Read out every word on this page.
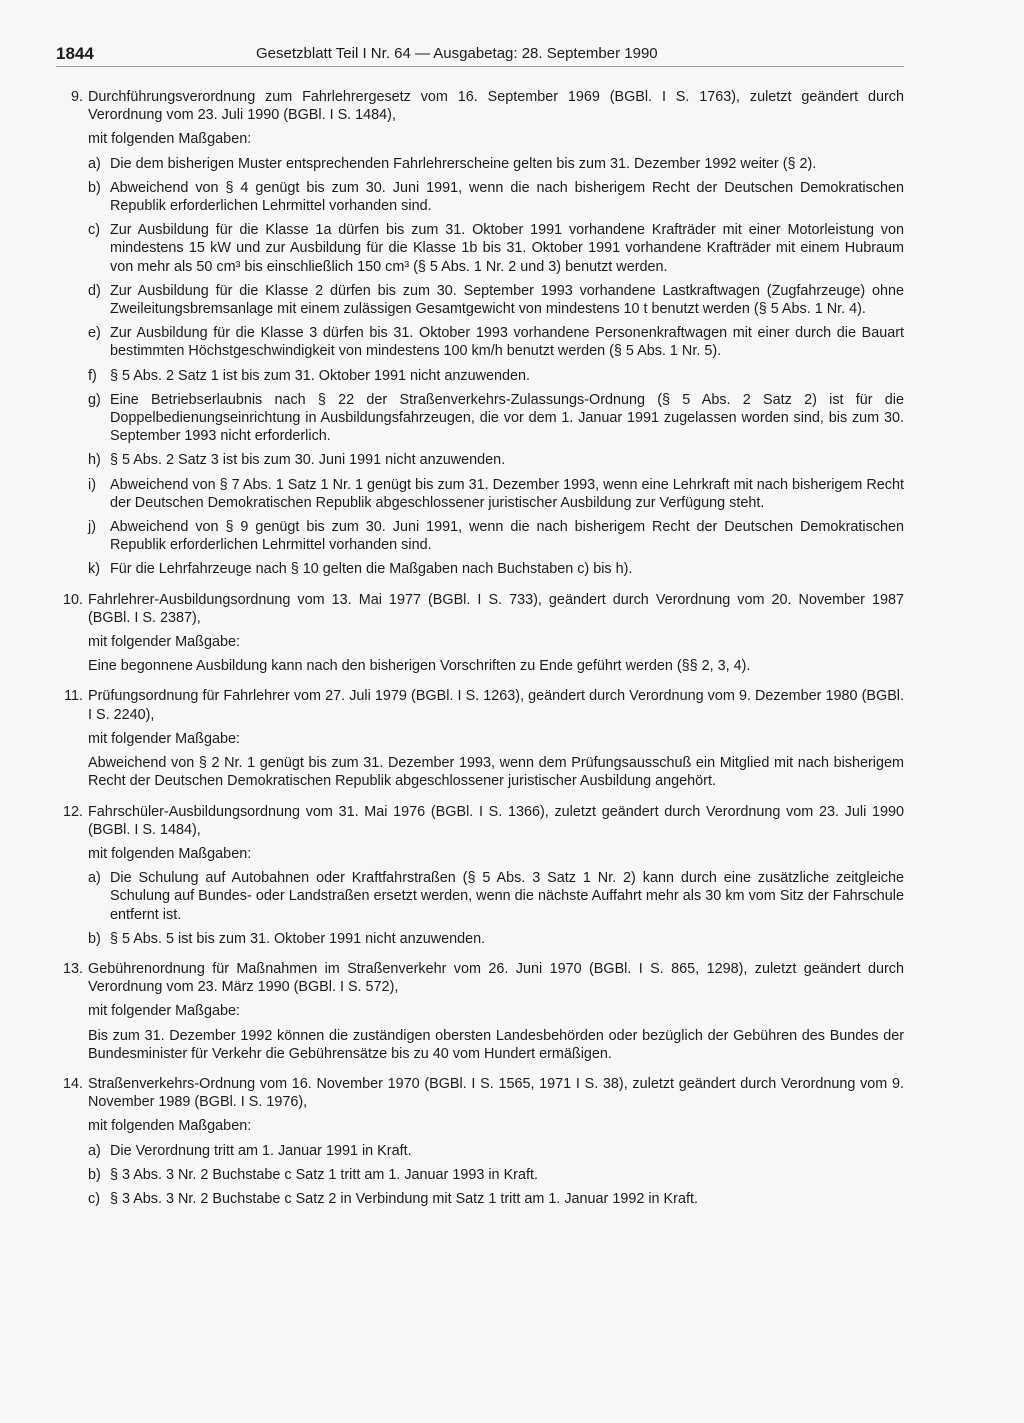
1844	Gesetzblatt Teil I Nr. 64 — Ausgabetag: 28. September 1990
9. Durchführungsverordnung zum Fahrlehrergesetz vom 16. September 1969 (BGBl. I S. 1763), zuletzt geändert durch Verordnung vom 23. Juli 1990 (BGBl. I S. 1484),
mit folgenden Maßgaben:
a) Die dem bisherigen Muster entsprechenden Fahrlehrerscheine gelten bis zum 31. Dezember 1992 weiter (§ 2).
b) Abweichend von § 4 genügt bis zum 30. Juni 1991, wenn die nach bisherigem Recht der Deutschen Demokratischen Republik erforderlichen Lehrmittel vorhanden sind.
c) Zur Ausbildung für die Klasse 1a dürfen bis zum 31. Oktober 1991 vorhandene Krafträder mit einer Motorleistung von mindestens 15 kW und zur Ausbildung für die Klasse 1b bis 31. Oktober 1991 vorhandene Krafträder mit einem Hubraum von mehr als 50 cm³ bis einschließlich 150 cm³ (§ 5 Abs. 1 Nr. 2 und 3) benutzt werden.
d) Zur Ausbildung für die Klasse 2 dürfen bis zum 30. September 1993 vorhandene Lastkraftwagen (Zugfahrzeuge) ohne Zweileitungsbremsanlage mit einem zulässigen Gesamtgewicht von mindestens 10 t benutzt werden (§ 5 Abs. 1 Nr. 4).
e) Zur Ausbildung für die Klasse 3 dürfen bis 31. Oktober 1993 vorhandene Personenkraftwagen mit einer durch die Bauart bestimmten Höchstgeschwindigkeit von mindestens 100 km/h benutzt werden (§ 5 Abs. 1 Nr. 5).
f) § 5 Abs. 2 Satz 1 ist bis zum 31. Oktober 1991 nicht anzuwenden.
g) Eine Betriebserlaubnis nach § 22 der Straßenverkehrs-Zulassungs-Ordnung (§ 5 Abs. 2 Satz 2) ist für die Doppelbedienungseinrichtung in Ausbildungsfahrzeugen, die vor dem 1. Januar 1991 zugelassen worden sind, bis zum 30. September 1993 nicht erforderlich.
h) § 5 Abs. 2 Satz 3 ist bis zum 30. Juni 1991 nicht anzuwenden.
i) Abweichend von § 7 Abs. 1 Satz 1 Nr. 1 genügt bis zum 31. Dezember 1993, wenn eine Lehrkraft mit nach bisherigem Recht der Deutschen Demokratischen Republik abgeschlossener juristischer Ausbildung zur Verfügung steht.
j) Abweichend von § 9 genügt bis zum 30. Juni 1991, wenn die nach bisherigem Recht der Deutschen Demokratischen Republik erforderlichen Lehrmittel vorhanden sind.
k) Für die Lehrfahrzeuge nach § 10 gelten die Maßgaben nach Buchstaben c) bis h).
10. Fahrlehrer-Ausbildungsordnung vom 13. Mai 1977 (BGBl. I S. 733), geändert durch Verordnung vom 20. November 1987 (BGBl. I S. 2387),
mit folgender Maßgabe:
Eine begonnene Ausbildung kann nach den bisherigen Vorschriften zu Ende geführt werden (§§ 2, 3, 4).
11. Prüfungsordnung für Fahrlehrer vom 27. Juli 1979 (BGBl. I S. 1263), geändert durch Verordnung vom 9. Dezember 1980 (BGBl. I S. 2240),
mit folgender Maßgabe:
Abweichend von § 2 Nr. 1 genügt bis zum 31. Dezember 1993, wenn dem Prüfungsausschuß ein Mitglied mit nach bisherigem Recht der Deutschen Demokratischen Republik abgeschlossener juristischer Ausbildung angehört.
12. Fahrschüler-Ausbildungsordnung vom 31. Mai 1976 (BGBl. I S. 1366), zuletzt geändert durch Verordnung vom 23. Juli 1990 (BGBl. I S. 1484),
mit folgenden Maßgaben:
a) Die Schulung auf Autobahnen oder Kraftfahrstraßen (§ 5 Abs. 3 Satz 1 Nr. 2) kann durch eine zusätzliche zeitgleiche Schulung auf Bundes- oder Landstraßen ersetzt werden, wenn die nächste Auffahrt mehr als 30 km vom Sitz der Fahrschule entfernt ist.
b) § 5 Abs. 5 ist bis zum 31. Oktober 1991 nicht anzuwenden.
13. Gebührenordnung für Maßnahmen im Straßenverkehr vom 26. Juni 1970 (BGBl. I S. 865, 1298), zuletzt geändert durch Verordnung vom 23. März 1990 (BGBl. I S. 572),
mit folgender Maßgabe:
Bis zum 31. Dezember 1992 können die zuständigen obersten Landesbehörden oder bezüglich der Gebühren des Bundes der Bundesminister für Verkehr die Gebührensätze bis zu 40 vom Hundert ermäßigen.
14. Straßenverkehrs-Ordnung vom 16. November 1970 (BGBl. I S. 1565, 1971 I S. 38), zuletzt geändert durch Verordnung vom 9. November 1989 (BGBl. I S. 1976),
mit folgenden Maßgaben:
a) Die Verordnung tritt am 1. Januar 1991 in Kraft.
b) § 3 Abs. 3 Nr. 2 Buchstabe c Satz 1 tritt am 1. Januar 1993 in Kraft.
c) § 3 Abs. 3 Nr. 2 Buchstabe c Satz 2 in Verbindung mit Satz 1 tritt am 1. Januar 1992 in Kraft.
